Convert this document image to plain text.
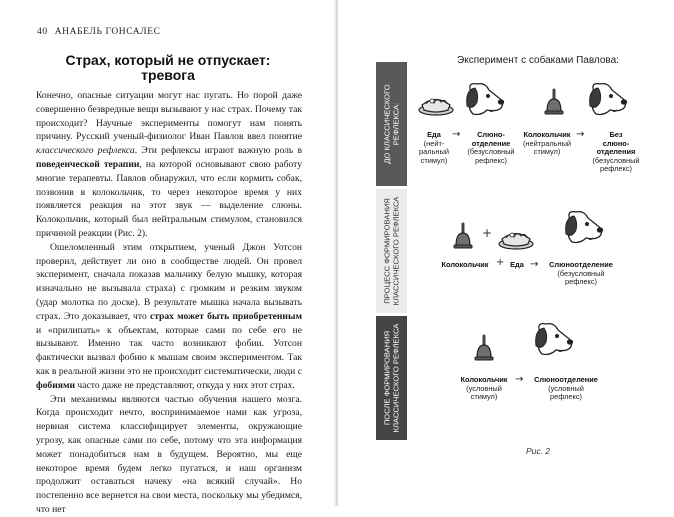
40 АНАБЕЛЬ ГОНСАЛЕС
Страх, который не отпускает:
тревога

Конечно, опасные ситуации могут нас пугать. Но порой даже совершенно безвредные вещи вызывают у нас страх. Почему так происходит? Научные эксперименты помогут нам понять причину. Русский ученый-физиолог Иван Павлов ввел понятие классического рефлекса. Эти рефлексы играют важную роль в поведенческой терапии, на которой основывают свою работу многие терапевты. Павлов обнаружил, что если кормить собак, позвонив в колокольчик, то через некоторое время у них появляется реакция на этот звук — выделение слюны. Колокольчик, который был нейтральным стимулом, становился причиной реакции (Рис. 2).

Ошеломленный этим открытием, ученый Джон Уотсон проверил, действует ли оно в сообществе людей. Он провел эксперимент, сначала показав мальчику белую мышку, которая изначально не вызывала страха) с громким и резким звуком (удар молотка по доске). В результате мышка начала вызывать страх. Это доказывает, что страх может быть приобретенным и «прилипать» к объектам, которые сами по себе его не вызывают. Именно так часто возникают фобии. Уотсон фактически вызвал фобию к мышам своим экспериментом. Так как в реальной жизни это не происходит систематически, люди с фобиями часто даже не представляют, откуда у них этот страх.

Эти механизмы являются частью обучения нашего мозга. Когда происходит нечто, воспринимаемое нами как угроза, нервная система классифицирует элементы, окружающие угрозу, как опасные сами по себе, потому что эта информация может понадобиться нам в будущем. Вероятно, мы еще некоторое время будем легко пугаться, и наш организм продолжит оставаться начеку «на всякий случай». Но постепенно все вернется на свои места, поскольку мы убедимся, что нет

ДО КЛАССИЧЕСКОГО
РЕФЛЕКСА:
ПРОЦЕСС ФОРМИРОВАНИЯ
КЛАССИЧЕСКОГО РЕФЛЕКСА
ПОСЛЕ ФОРМИРОВАНИЯ
КЛАССИЧЕСКОГО РЕФЛЕКСА
Эксперимент с собаками Павлова:
Еда
(нейт-
ральный
стимул)
→	Слюно-
отделение
(безусловный
рефлекс)
Колокольчик
(нейтральный
стимул)
→	Без
слюно-
отделения
(безусловный
рефлекс)
+
Колокольчик + Еда →	Слюноотделение
(безусловный
рефлекс)
Колокольчик
(условный
стимул)
→	Слюноотделение
(условный
рефлекс)
Рис. 2
